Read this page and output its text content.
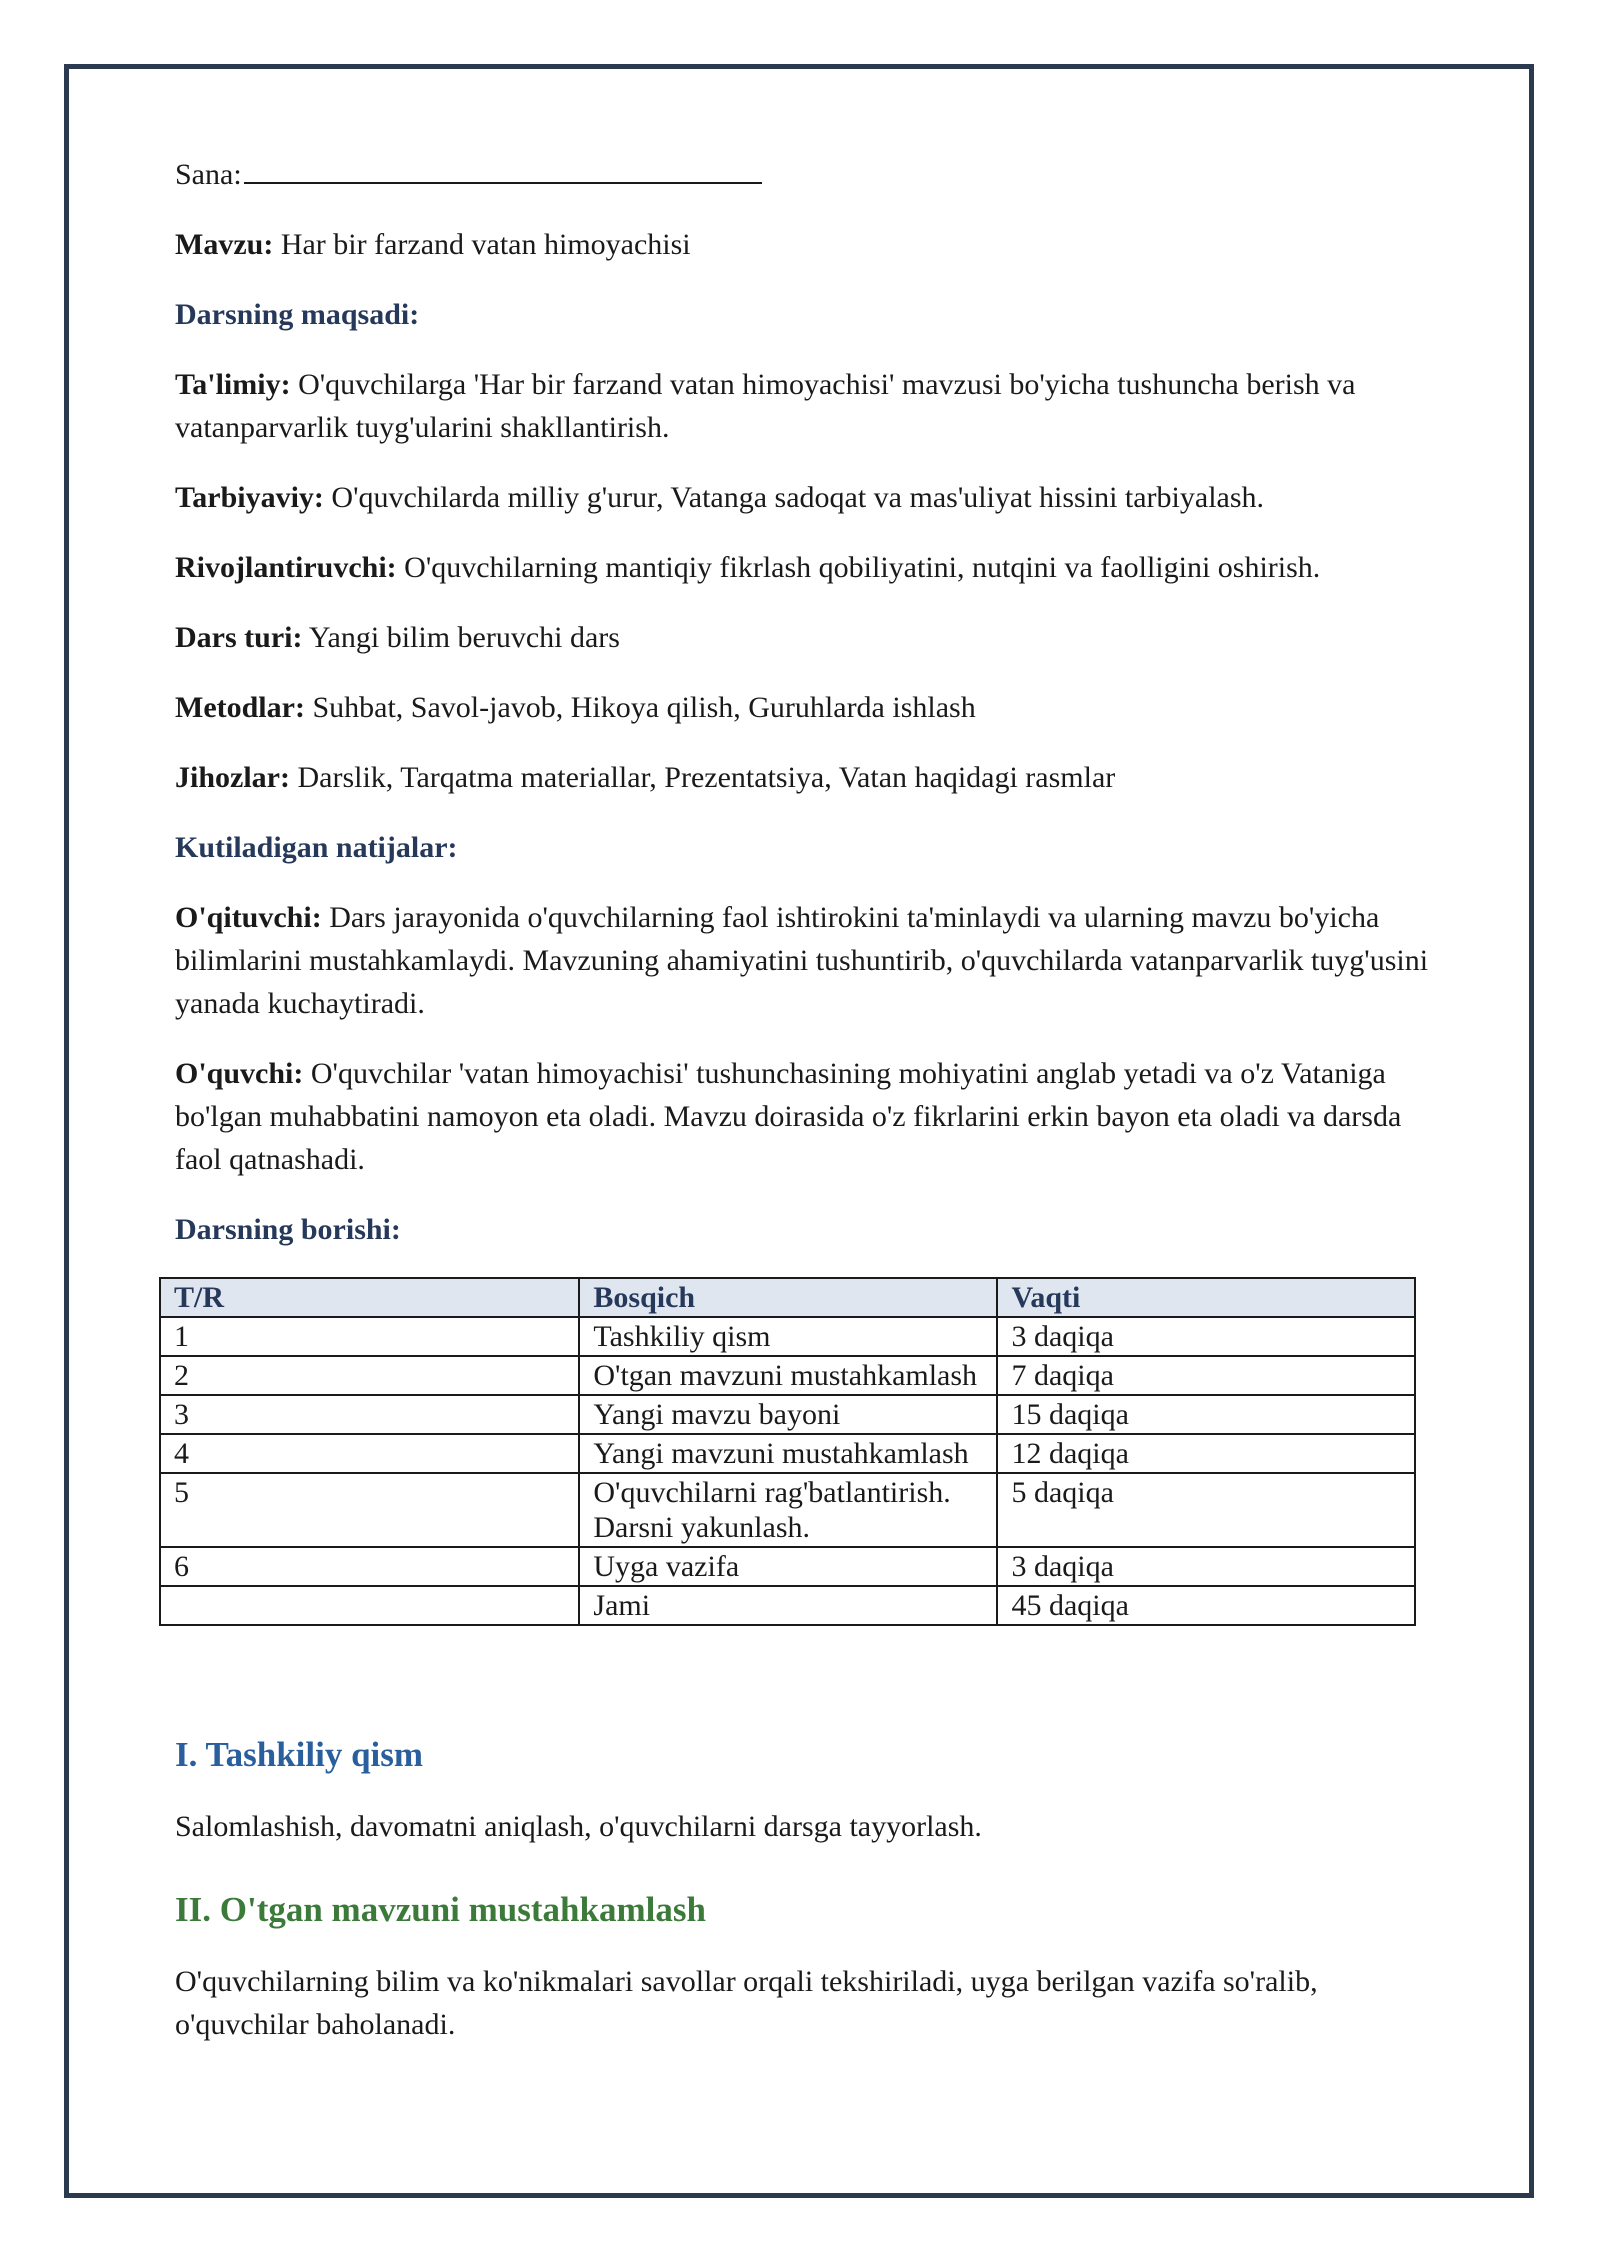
Sana:

Mavzu: Har bir farzand vatan himoyachisi

Darsning maqsadi:

Ta'limiy: O'quvchilarga 'Har bir farzand vatan himoyachisi' mavzusi bo'yicha tushuncha berish va vatanparvarlik tuyg'ularini shakllantirish.

Tarbiyaviy: O'quvchilarda milliy g'urur, Vatanga sadoqat va mas'uliyat hissini tarbiyalash.

Rivojlantiruvchi: O'quvchilarning mantiqiy fikrlash qobiliyatini, nutqini va faolligini oshirish.

Dars turi: Yangi bilim beruvchi dars

Metodlar: Suhbat, Savol-javob, Hikoya qilish, Guruhlarda ishlash

Jihozlar: Darslik, Tarqatma materiallar, Prezentatsiya, Vatan haqidagi rasmlar

Kutiladigan natijalar:

O'qituvchi: Dars jarayonida o'quvchilarning faol ishtirokini ta'minlaydi va ularning mavzu bo'yicha bilimlarini mustahkamlaydi. Mavzuning ahamiyatini tushuntirib, o'quvchilarda vatanparvarlik tuyg'usini yanada kuchaytiradi.

O'quvchi: O'quvchilar 'vatan himoyachisi' tushunchasining mohiyatini anglab yetadi va o'z Vataniga bo'lgan muhabbatini namoyon eta oladi. Mavzu doirasida o'z fikrlarini erkin bayon eta oladi va darsda faol qatnashadi.

Darsning borishi:

T/R	Bosqich	Vaqti
1	Tashkiliy qism	3 daqiqa
2	O'tgan mavzuni mustahkamlash	7 daqiqa
3	Yangi mavzu bayoni	15 daqiqa
4	Yangi mavzuni mustahkamlash	12 daqiqa
5	O'quvchilarni rag'batlantirish. Darsni yakunlash.	5 daqiqa
6	Uyga vazifa	3 daqiqa
	Jami	45 daqiqa
I. Tashkiliy qism
Salomlashish, davomatni aniqlash, o'quvchilarni darsga tayyorlash.
II. O'tgan mavzuni mustahkamlash
O'quvchilarning bilim va ko'nikmalari savollar orqali tekshiriladi, uyga berilgan vazifa so'ralib, o'quvchilar baholanadi.
